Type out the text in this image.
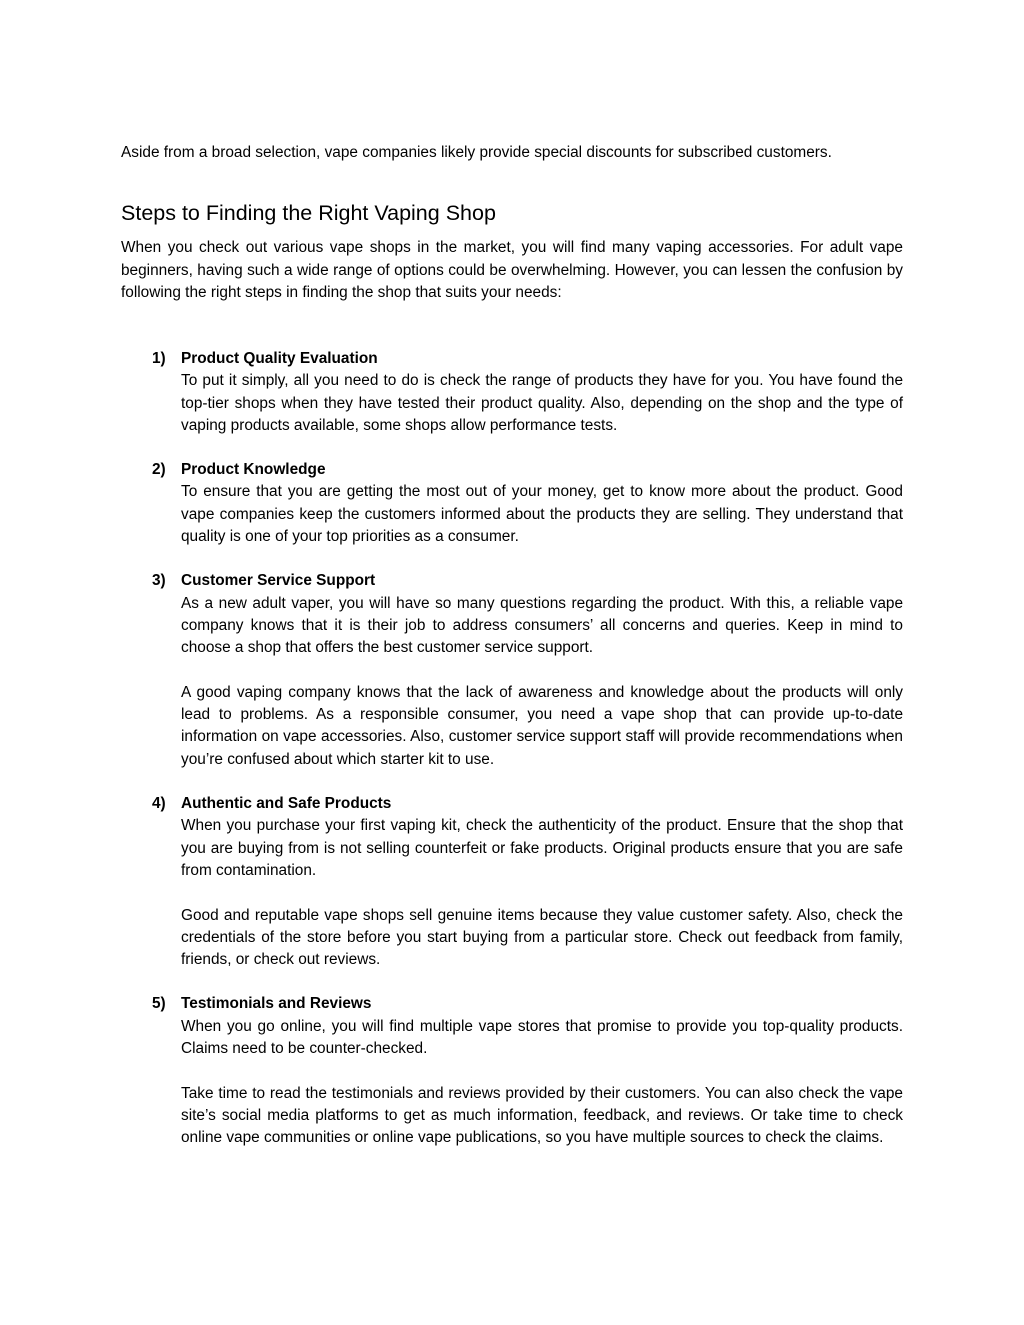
Aside from a broad selection, vape companies likely provide special discounts for subscribed customers.

Steps to Finding the Right Vaping Shop

When you check out various vape shops in the market, you will find many vaping accessories. For adult vape beginners, having such a wide range of options could be overwhelming. However, you can lessen the confusion by following the right steps in finding the shop that suits your needs:

1) Product Quality Evaluation

To put it simply, all you need to do is check the range of products they have for you. You have found the top-tier shops when they have tested their product quality. Also, depending on the shop and the type of vaping products available, some shops allow performance tests.

2) Product Knowledge

To ensure that you are getting the most out of your money, get to know more about the product. Good vape companies keep the customers informed about the products they are selling. They understand that quality is one of your top priorities as a consumer.

3) Customer Service Support

As a new adult vaper, you will have so many questions regarding the product. With this, a reliable vape company knows that it is their job to address consumers’ all concerns and queries. Keep in mind to choose a shop that offers the best customer service support.

A good vaping company knows that the lack of awareness and knowledge about the products will only lead to problems. As a responsible consumer, you need a vape shop that can provide up-to-date information on vape accessories. Also, customer service support staff will provide recommendations when you’re confused about which starter kit to use.

4) Authentic and Safe Products

When you purchase your first vaping kit, check the authenticity of the product. Ensure that the shop that you are buying from is not selling counterfeit or fake products. Original products ensure that you are safe from contamination.

Good and reputable vape shops sell genuine items because they value customer safety. Also, check the credentials of the store before you start buying from a particular store. Check out feedback from family, friends, or check out reviews.

5) Testimonials and Reviews

When you go online, you will find multiple vape stores that promise to provide you top-quality products. Claims need to be counter-checked.

Take time to read the testimonials and reviews provided by their customers. You can also check the vape site’s social media platforms to get as much information, feedback, and reviews. Or take time to check online vape communities or online vape publications, so you have multiple sources to check the claims.
